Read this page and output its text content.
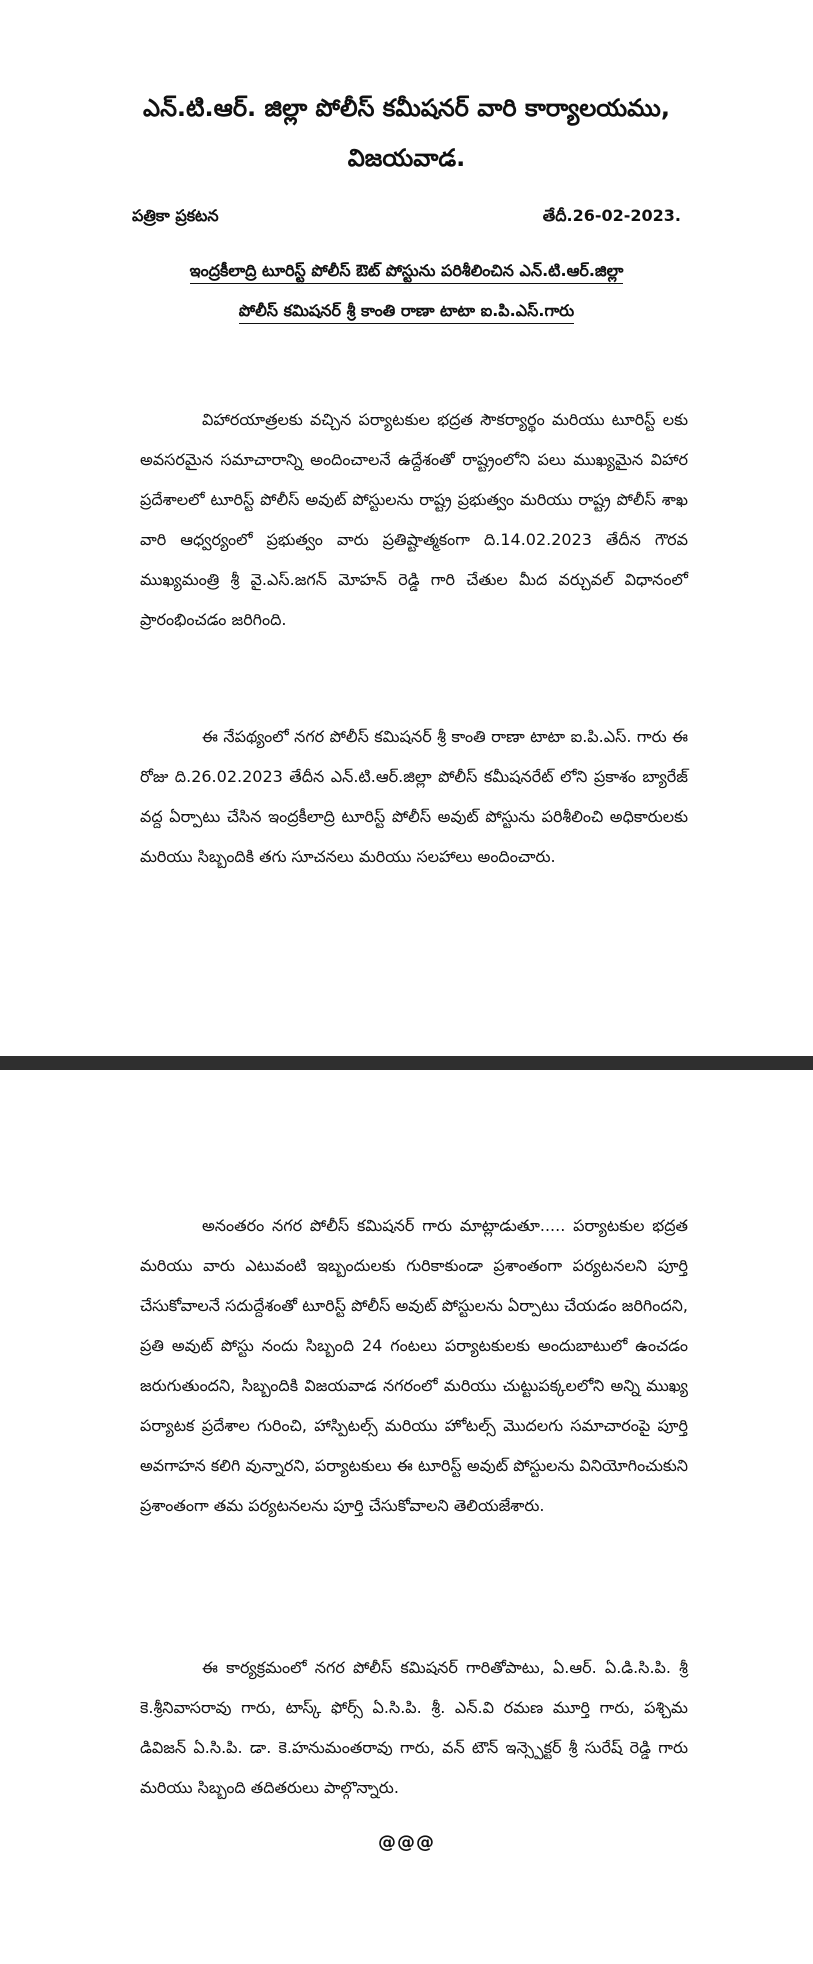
ఎన్.టి.ఆర్. జిల్లా పోలీస్ కమీషనర్ వారి కార్యాలయము,
విజయవాడ.
పత్రికా ప్రకటన	తేదీ.26-02-2023.
ఇంద్రకీలాద్రి టూరిస్ట్ పోలీస్ ఔట్ పోస్టును పరిశీలించిన ఎన్.టి.ఆర్.జిల్లా
పోలీస్ కమిషనర్ శ్రీ కాంతి రాణా టాటా ఐ.పి.ఎస్.గారు

విహారయాత్రలకు వచ్చిన పర్యాటకుల భద్రత సౌకర్యార్థం మరియు టూరిస్ట్ లకు అవసరమైన సమాచారాన్ని అందించాలనే ఉద్దేశంతో రాష్ట్రంలోని పలు ముఖ్యమైన విహార ప్రదేశాలలో టూరిస్ట్ పోలీస్ అవుట్ పోస్టులను రాష్ట్ర ప్రభుత్వం మరియు రాష్ట్ర పోలీస్ శాఖ వారి ఆధ్వర్యంలో ప్రభుత్వం వారు ప్రతిష్టాత్మకంగా ది.14.02.2023 తేదీన గౌరవ ముఖ్యమంత్రి శ్రీ వై.ఎస్.జగన్ మోహన్ రెడ్డి గారి చేతుల మీద వర్చువల్ విధానంలో ప్రారంభించడం జరిగింది.

ఈ నేపథ్యంలో నగర పోలీస్ కమిషనర్ శ్రీ కాంతి రాణా టాటా ఐ.పి.ఎస్. గారు ఈ రోజు ది.26.02.2023 తేదీన ఎన్.టి.ఆర్.జిల్లా పోలీస్ కమీషనరేట్ లోని ప్రకాశం బ్యారేజ్ వద్ద ఏర్పాటు చేసిన ఇంద్రకీలాద్రి టూరిస్ట్ పోలీస్ అవుట్ పోస్టును పరిశీలించి అధికారులకు మరియు సిబ్బందికి తగు సూచనలు మరియు సలహాలు అందించారు.

అనంతరం నగర పోలీస్ కమిషనర్ గారు మాట్లాడుతూ..... పర్యాటకుల భద్రత మరియు వారు ఎటువంటి ఇబ్బందులకు గురికాకుండా ప్రశాంతంగా పర్యటనలని పూర్తి చేసుకోవాలనే సదుద్దేశంతో టూరిస్ట్ పోలీస్ అవుట్ పోస్టులను ఏర్పాటు చేయడం జరిగిందని, ప్రతి అవుట్ పోస్టు నందు సిబ్బంది 24 గంటలు పర్యాటకులకు అందుబాటులో ఉంచడం జరుగుతుందని, సిబ్బందికి విజయవాడ నగరంలో మరియు చుట్టుపక్కలలోని అన్ని ముఖ్య పర్యాటక ప్రదేశాల గురించి, హాస్పిటల్స్ మరియు హోటల్స్ మొదలగు సమాచారంపై పూర్తి అవగాహన కలిగి వున్నారని, పర్యాటకులు ఈ టూరిస్ట్ అవుట్ పోస్టులను వినియోగించుకుని ప్రశాంతంగా తమ పర్యటనలను పూర్తి చేసుకోవాలని తెలియజేశారు.

ఈ కార్యక్రమంలో నగర పోలీస్ కమిషనర్ గారితోపాటు, ఏ.ఆర్. ఏ.డి.సి.పి. శ్రీ కె.శ్రీనివాసరావు గారు, టాస్క్ ఫోర్స్ ఏ.సి.పి. శ్రీ. ఎన్.వి రమణ మూర్తి గారు, పశ్చిమ డివిజన్ ఏ.సి.పి. డా. కె.హనుమంతరావు గారు, వన్ టౌన్ ఇన్స్పెక్టర్ శ్రీ సురేష్ రెడ్డి గారు మరియు సిబ్బంది తదితరులు పాల్గొన్నారు.

@@@
